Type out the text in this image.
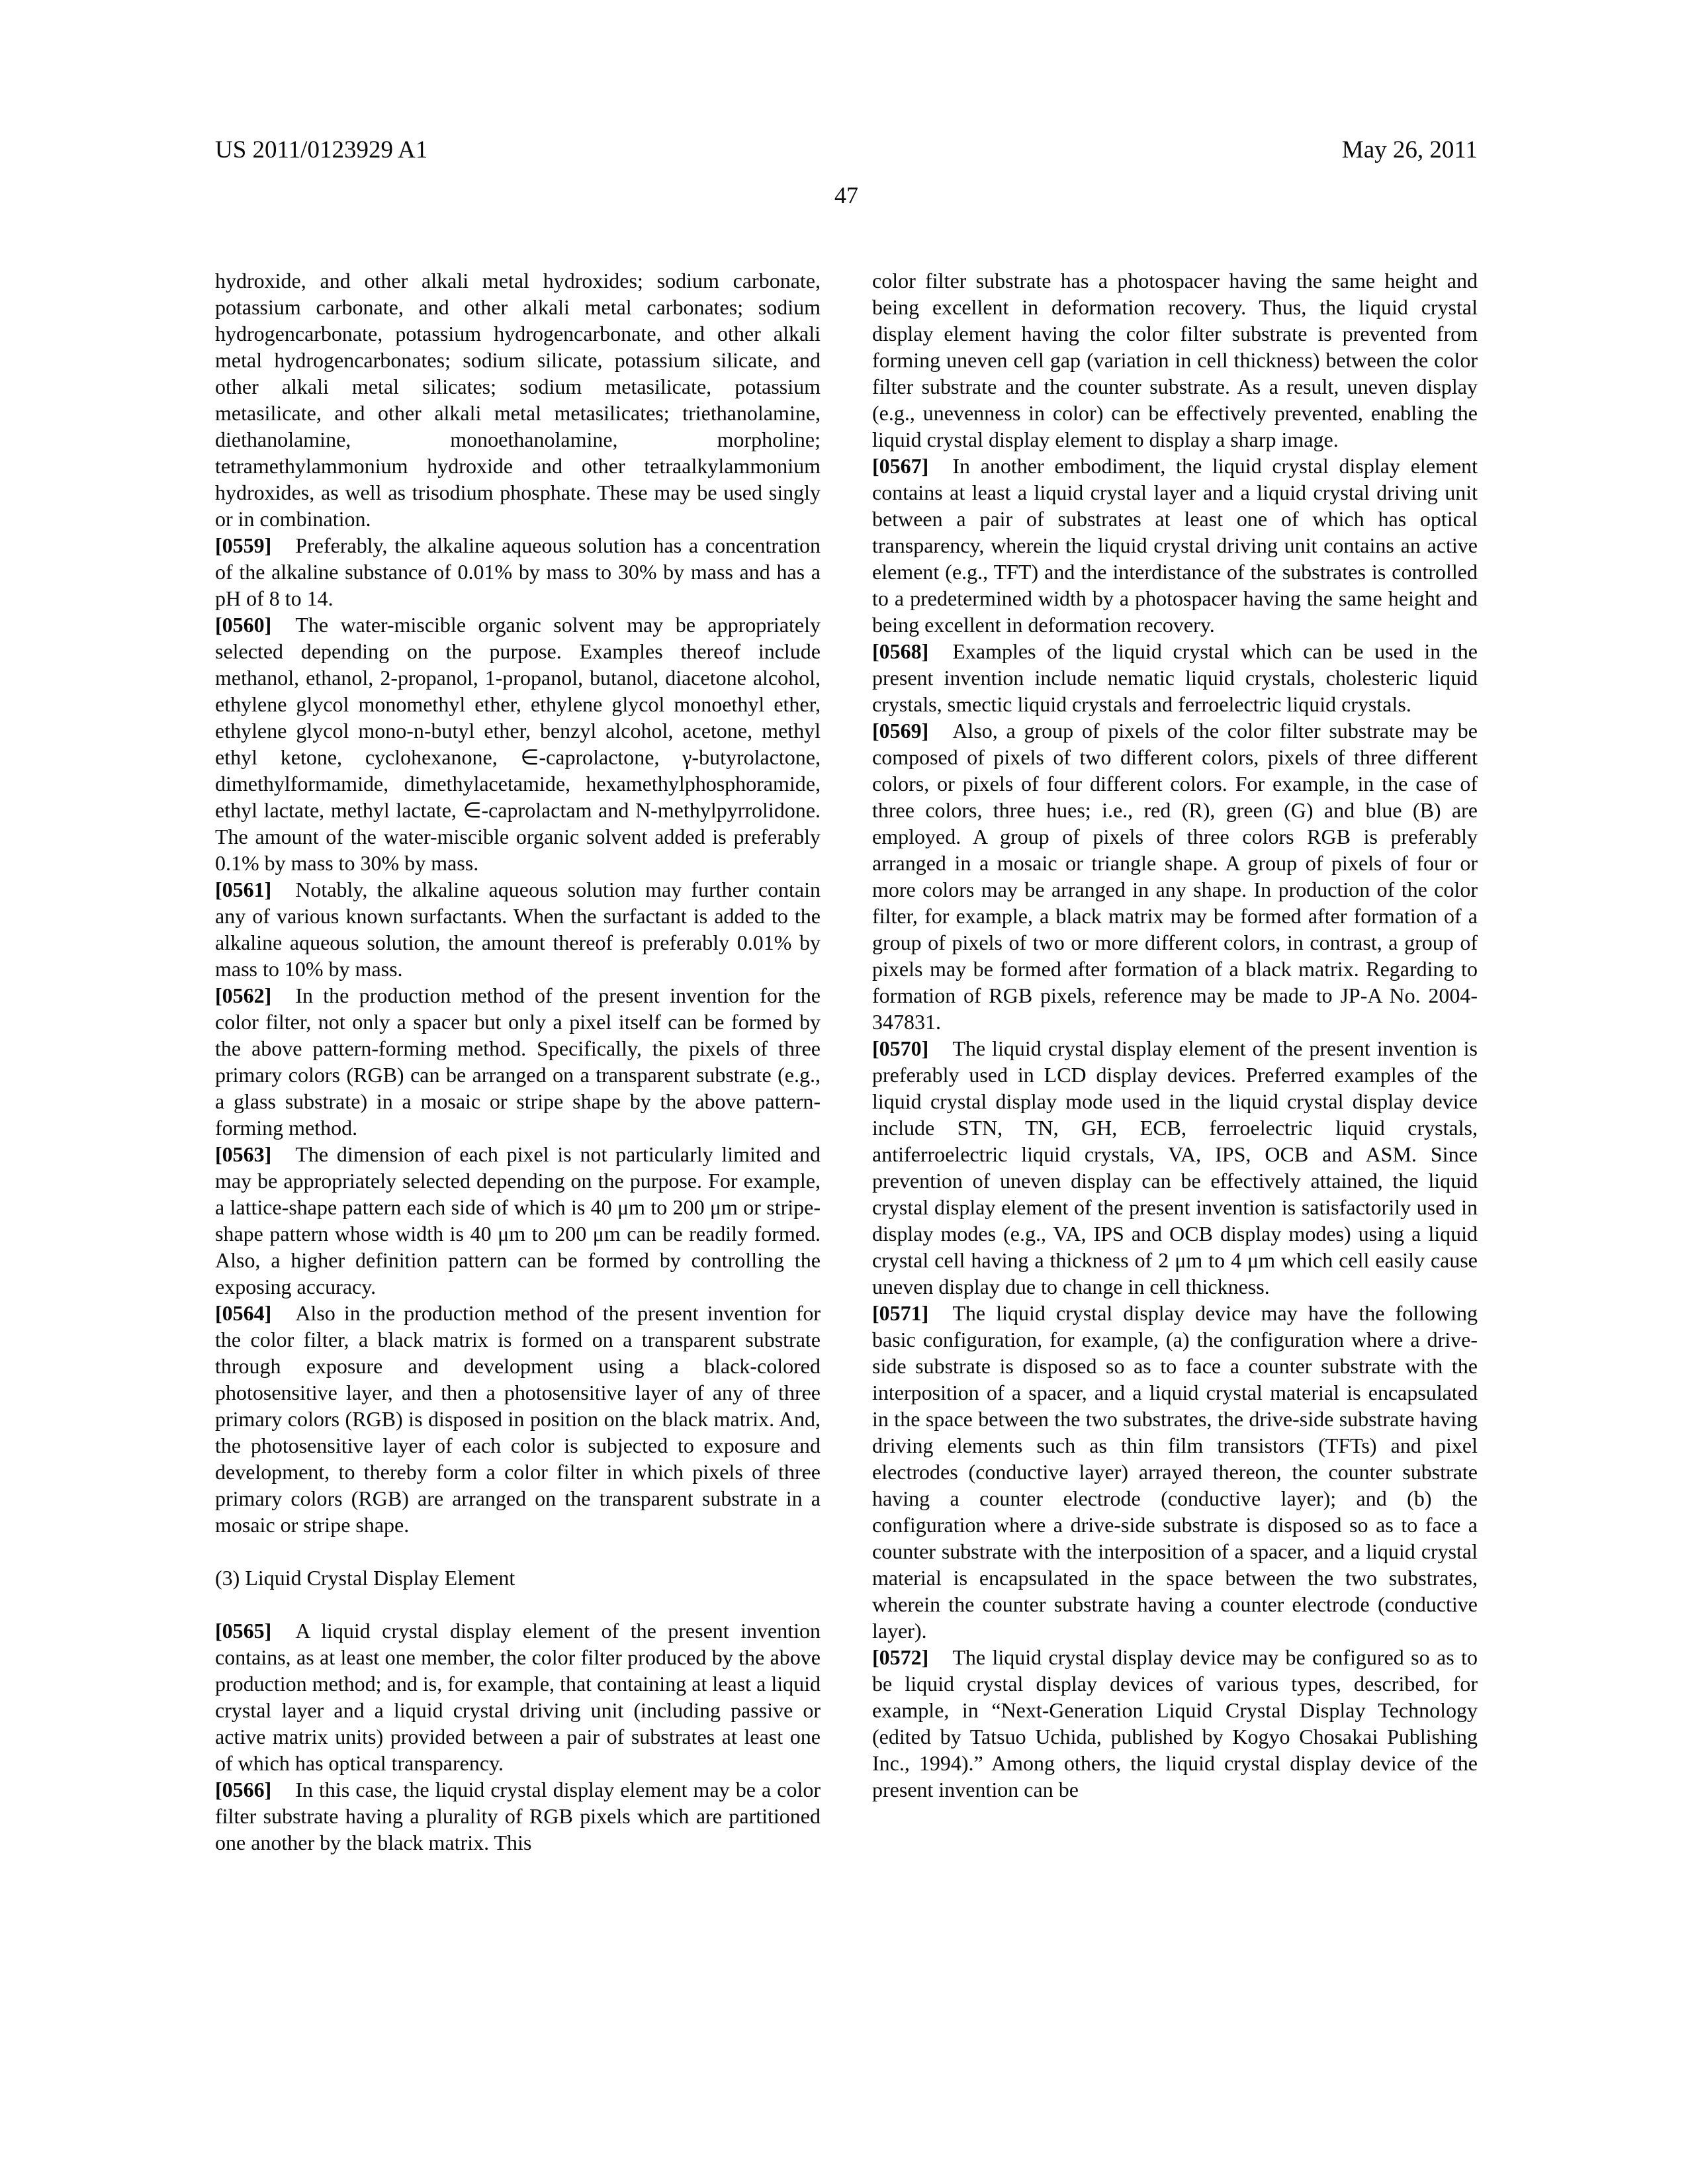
US 2011/0123929 A1	May 26, 2011
47

hydroxide, and other alkali metal hydroxides; sodium carbonate, potassium carbonate, and other alkali metal carbonates; sodium hydrogencarbonate, potassium hydrogencarbonate, and other alkali metal hydrogencarbonates; sodium silicate, potassium silicate, and other alkali metal silicates; sodium metasilicate, potassium metasilicate, and other alkali metal metasilicates; triethanolamine, diethanolamine, monoethanolamine, morpholine; tetramethylammonium hydroxide and other tetraalkylammonium hydroxides, as well as trisodium phosphate. These may be used singly or in combination.

[0559] Preferably, the alkaline aqueous solution has a concentration of the alkaline substance of 0.01% by mass to 30% by mass and has a pH of 8 to 14.

[0560] The water-miscible organic solvent may be appropriately selected depending on the purpose. Examples thereof include methanol, ethanol, 2-propanol, 1-propanol, butanol, diacetone alcohol, ethylene glycol monomethyl ether, ethylene glycol monoethyl ether, ethylene glycol mono-n-butyl ether, benzyl alcohol, acetone, methyl ethyl ketone, cyclohexanone, ∈-caprolactone, γ-butyrolactone, dimethylformamide, dimethylacetamide, hexamethylphosphoramide, ethyl lactate, methyl lactate, ∈-caprolactam and N-methylpyrrolidone. The amount of the water-miscible organic solvent added is preferably 0.1% by mass to 30% by mass.

[0561] Notably, the alkaline aqueous solution may further contain any of various known surfactants. When the surfactant is added to the alkaline aqueous solution, the amount thereof is preferably 0.01% by mass to 10% by mass.

[0562] In the production method of the present invention for the color filter, not only a spacer but only a pixel itself can be formed by the above pattern-forming method. Specifically, the pixels of three primary colors (RGB) can be arranged on a transparent substrate (e.g., a glass substrate) in a mosaic or stripe shape by the above pattern-forming method.

[0563] The dimension of each pixel is not particularly limited and may be appropriately selected depending on the purpose. For example, a lattice-shape pattern each side of which is 40 μm to 200 μm or stripe-shape pattern whose width is 40 μm to 200 μm can be readily formed. Also, a higher definition pattern can be formed by controlling the exposing accuracy.

[0564] Also in the production method of the present invention for the color filter, a black matrix is formed on a transparent substrate through exposure and development using a black-colored photosensitive layer, and then a photosensitive layer of any of three primary colors (RGB) is disposed in position on the black matrix. And, the photosensitive layer of each color is subjected to exposure and development, to thereby form a color filter in which pixels of three primary colors (RGB) are arranged on the transparent substrate in a mosaic or stripe shape.

(3) Liquid Crystal Display Element

[0565] A liquid crystal display element of the present invention contains, as at least one member, the color filter produced by the above production method; and is, for example, that containing at least a liquid crystal layer and a liquid crystal driving unit (including passive or active matrix units) provided between a pair of substrates at least one of which has optical transparency.

[0566] In this case, the liquid crystal display element may be a color filter substrate having a plurality of RGB pixels which are partitioned one another by the black matrix. This

color filter substrate has a photospacer having the same height and being excellent in deformation recovery. Thus, the liquid crystal display element having the color filter substrate is prevented from forming uneven cell gap (variation in cell thickness) between the color filter substrate and the counter substrate. As a result, uneven display (e.g., unevenness in color) can be effectively prevented, enabling the liquid crystal display element to display a sharp image.

[0567] In another embodiment, the liquid crystal display element contains at least a liquid crystal layer and a liquid crystal driving unit between a pair of substrates at least one of which has optical transparency, wherein the liquid crystal driving unit contains an active element (e.g., TFT) and the interdistance of the substrates is controlled to a predetermined width by a photospacer having the same height and being excellent in deformation recovery.

[0568] Examples of the liquid crystal which can be used in the present invention include nematic liquid crystals, cholesteric liquid crystals, smectic liquid crystals and ferroelectric liquid crystals.

[0569] Also, a group of pixels of the color filter substrate may be composed of pixels of two different colors, pixels of three different colors, or pixels of four different colors. For example, in the case of three colors, three hues; i.e., red (R), green (G) and blue (B) are employed. A group of pixels of three colors RGB is preferably arranged in a mosaic or triangle shape. A group of pixels of four or more colors may be arranged in any shape. In production of the color filter, for example, a black matrix may be formed after formation of a group of pixels of two or more different colors, in contrast, a group of pixels may be formed after formation of a black matrix. Regarding to formation of RGB pixels, reference may be made to JP-A No. 2004-347831.

[0570] The liquid crystal display element of the present invention is preferably used in LCD display devices. Preferred examples of the liquid crystal display mode used in the liquid crystal display device include STN, TN, GH, ECB, ferroelectric liquid crystals, antiferroelectric liquid crystals, VA, IPS, OCB and ASM. Since prevention of uneven display can be effectively attained, the liquid crystal display element of the present invention is satisfactorily used in display modes (e.g., VA, IPS and OCB display modes) using a liquid crystal cell having a thickness of 2 μm to 4 μm which cell easily cause uneven display due to change in cell thickness.

[0571] The liquid crystal display device may have the following basic configuration, for example, (a) the configuration where a drive-side substrate is disposed so as to face a counter substrate with the interposition of a spacer, and a liquid crystal material is encapsulated in the space between the two substrates, the drive-side substrate having driving elements such as thin film transistors (TFTs) and pixel electrodes (conductive layer) arrayed thereon, the counter substrate having a counter electrode (conductive layer); and (b) the configuration where a drive-side substrate is disposed so as to face a counter substrate with the interposition of a spacer, and a liquid crystal material is encapsulated in the space between the two substrates, wherein the counter substrate having a counter electrode (conductive layer).

[0572] The liquid crystal display device may be configured so as to be liquid crystal display devices of various types, described, for example, in “Next-Generation Liquid Crystal Display Technology (edited by Tatsuo Uchida, published by Kogyo Chosakai Publishing Inc., 1994).” Among others, the liquid crystal display device of the present invention can be
